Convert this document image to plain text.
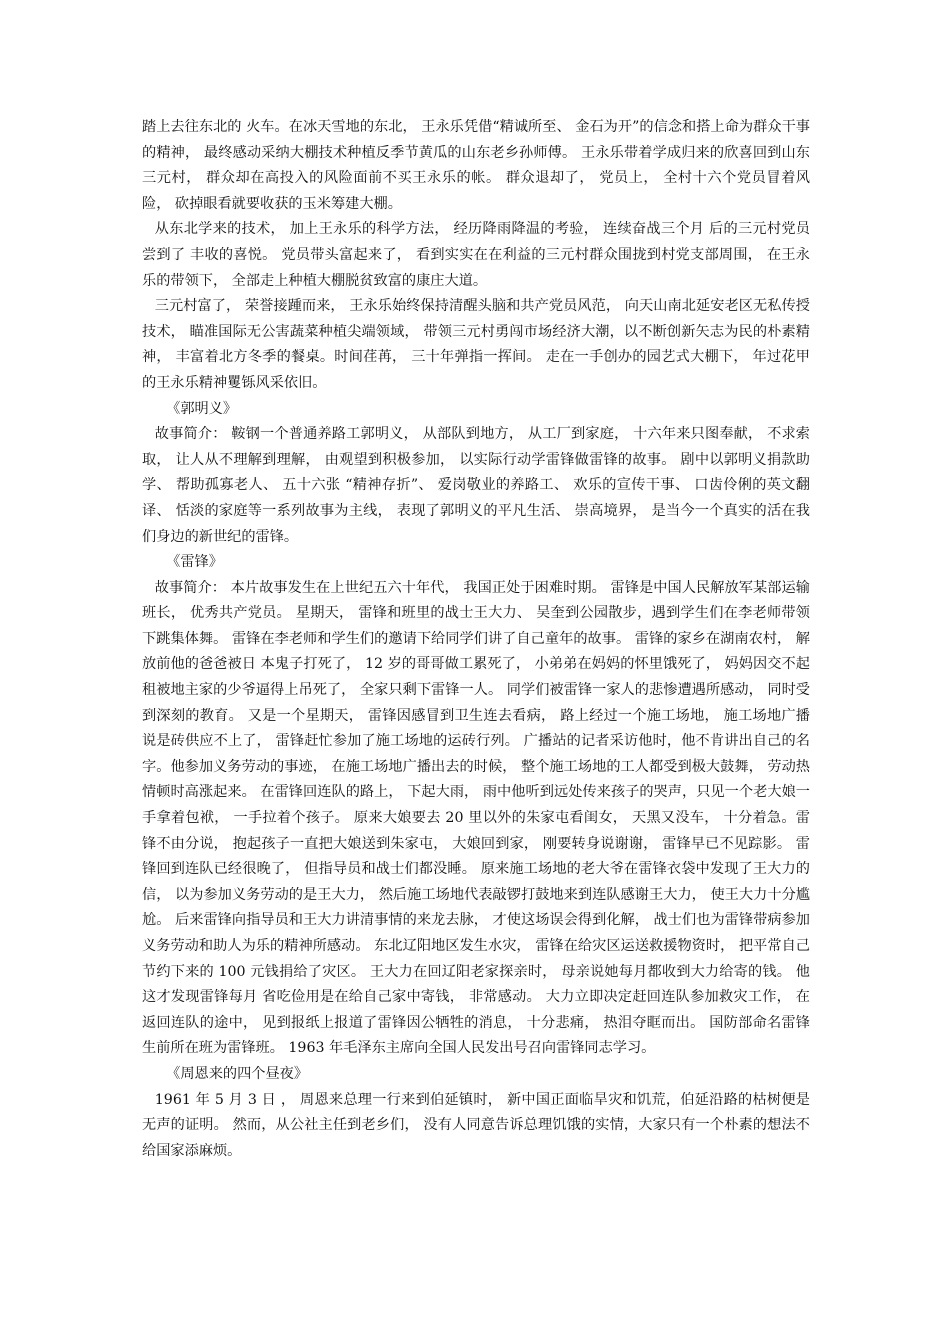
踏上去往东北的 火车。在冰天雪地的东北， 王永乐凭借“精诚所至、 金石为开”的信念和搭上命为群众干事的精神， 最终感动采纳大棚技术种植反季节黄瓜的山东老乡孙师傅。 王永乐带着学成归来的欣喜回到山东三元村， 群众却在高投入的风险面前不买王永乐的帐。 群众退却了， 党员上， 全村十六个党员冒着风险， 砍掉眼看就要收获的玉米筹建大棚。

从东北学来的技术， 加上王永乐的科学方法， 经历降雨降温的考验， 连续奋战三个月 后的三元村党员尝到了 丰收的喜悦。 党员带头富起来了， 看到实实在在利益的三元村群众围拢到村党支部周围， 在王永乐的带领下， 全部走上种植大棚脱贫致富的康庄大道。

三元村富了， 荣誉接踵而来， 王永乐始终保持清醒头脑和共产党员风范， 向天山南北延安老区无私传授技术， 瞄准国际无公害蔬菜种植尖端领域， 带领三元村勇闯市场经济大潮，以不断创新矢志为民的朴素精神， 丰富着北方冬季的餐桌。时间荏苒， 三十年弹指一挥间。 走在一手创办的园艺式大棚下， 年过花甲的王永乐精神矍铄风采依旧。

《郭明义》

故事简介： 鞍钢一个普通养路工郭明义， 从部队到地方， 从工厂到家庭， 十六年来只图奉献， 不求索取， 让人从不理解到理解， 由观望到积极参加， 以实际行动学雷锋做雷锋的故事。 剧中以郭明义捐款助学、 帮助孤寡老人、 五十六张 “精神存折”、 爱岗敬业的养路工、 欢乐的宣传干事、 口齿伶俐的英文翻译、 恬淡的家庭等一系列故事为主线， 表现了郭明义的平凡生活、 崇高境界， 是当今一个真实的活在我们身边的新世纪的雷锋。

《雷锋》

故事简介： 本片故事发生在上世纪五六十年代， 我国正处于困难时期。 雷锋是中国人民解放军某部运输班长， 优秀共产党员。 星期天， 雷锋和班里的战士王大力、 吴奎到公园散步，遇到学生们在李老师带领下跳集体舞。 雷锋在李老师和学生们的邀请下给同学们讲了自己童年的故事。 雷锋的家乡在湖南农村， 解放前他的爸爸被日 本鬼子打死了， 12 岁的哥哥做工累死了， 小弟弟在妈妈的怀里饿死了， 妈妈因交不起租被地主家的少爷逼得上吊死了， 全家只剩下雷锋一人。 同学们被雷锋一家人的悲惨遭遇所感动， 同时受到深刻的教育。 又是一个星期天， 雷锋因感冒到卫生连去看病， 路上经过一个施工场地， 施工场地广播说是砖供应不上了， 雷锋赶忙参加了施工场地的运砖行列。 广播站的记者采访他时，他不肯讲出自己的名字。他参加义务劳动的事迹， 在施工场地广播出去的时候， 整个施工场地的工人都受到极大鼓舞， 劳动热情顿时高涨起来。 在雷锋回连队的路上， 下起大雨， 雨中他听到远处传来孩子的哭声，只见一个老大娘一手拿着包袱， 一手拉着个孩子。 原来大娘要去 20 里以外的朱家屯看闺女， 天黑又没车， 十分着急。雷锋不由分说， 抱起孩子一直把大娘送到朱家屯， 大娘回到家， 刚要转身说谢谢， 雷锋早已不见踪影。 雷锋回到连队已经很晚了， 但指导员和战士们都没睡。 原来施工场地的老大爷在雷锋衣袋中发现了王大力的信， 以为参加义务劳动的是王大力， 然后施工场地代表敲锣打鼓地来到连队感谢王大力， 使王大力十分尴尬。 后来雷锋向指导员和王大力讲清事情的来龙去脉， 才使这场误会得到化解， 战士们也为雷锋带病参加义务劳动和助人为乐的精神所感动。 东北辽阳地区发生水灾， 雷锋在给灾区运送救援物资时， 把平常自己节约下来的 100 元钱捐给了灾区。 王大力在回辽阳老家探亲时， 母亲说她每月都收到大力给寄的钱。 他这才发现雷锋每月 省吃俭用是在给自己家中寄钱， 非常感动。 大力立即决定赶回连队参加救灾工作， 在返回连队的途中， 见到报纸上报道了雷锋因公牺牲的消息， 十分悲痛， 热泪夺眶而出。 国防部命名雷锋生前所在班为雷锋班。 1963 年毛泽东主席向全国人民发出号召向雷锋同志学习。

《周恩来的四个昼夜》

1961 年 5 月 3 日 ， 周恩来总理一行来到伯延镇时， 新中国正面临旱灾和饥荒，伯延沿路的枯树便是无声的证明。 然而，从公社主任到老乡们， 没有人同意告诉总理饥饿的实情，大家只有一个朴素的想法不给国家添麻烦。
